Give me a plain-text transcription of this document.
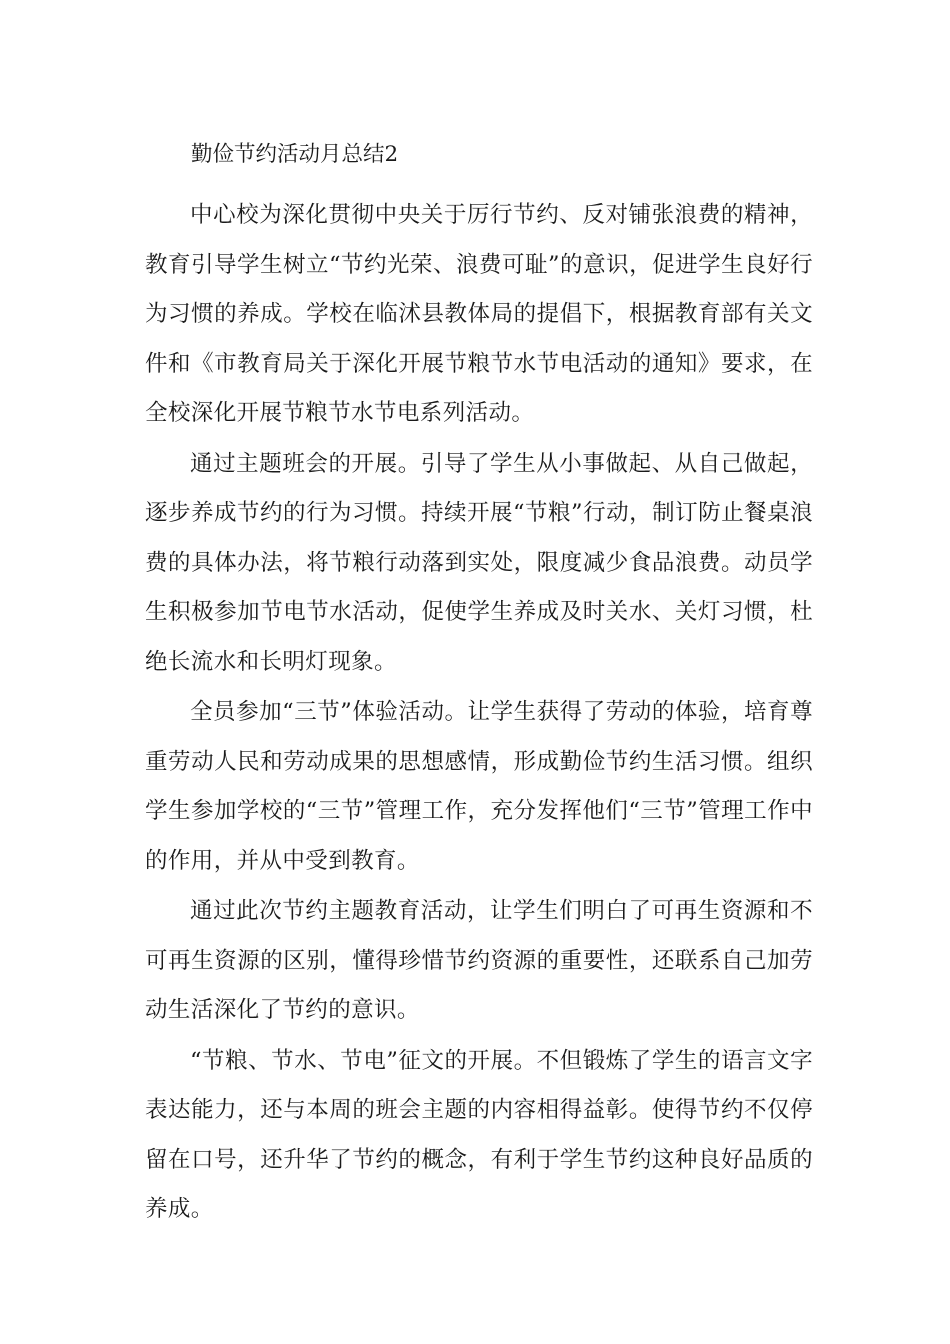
勤俭节约活动月总结2

中心校为深化贯彻中央关于厉行节约、反对铺张浪费的精神，教育引导学生树立“节约光荣、浪费可耻”的意识，促进学生良好行为习惯的养成。学校在临沭县教体局的提倡下，根据教育部有关文件和《市教育局关于深化开展节粮节水节电活动的通知》要求，在全校深化开展节粮节水节电系列活动。

通过主题班会的开展。引导了学生从小事做起、从自己做起，逐步养成节约的行为习惯。持续开展“节粮”行动，制订防止餐桌浪费的具体办法，将节粮行动落到实处，限度减少食品浪费。动员学生积极参加节电节水活动，促使学生养成及时关水、关灯习惯，杜绝长流水和长明灯现象。

全员参加“三节”体验活动。让学生获得了劳动的体验，培育尊重劳动人民和劳动成果的思想感情，形成勤俭节约生活习惯。组织学生参加学校的“三节”管理工作，充分发挥他们“三节”管理工作中的作用，并从中受到教育。

通过此次节约主题教育活动，让学生们明白了可再生资源和不可再生资源的区别，懂得珍惜节约资源的重要性，还联系自己加劳动生活深化了节约的意识。

“节粮、节水、节电”征文的开展。不但锻炼了学生的语言文字表达能力，还与本周的班会主题的内容相得益彰。使得节约不仅停留在口号，还升华了节约的概念，有利于学生节约这种良好品质的养成。
